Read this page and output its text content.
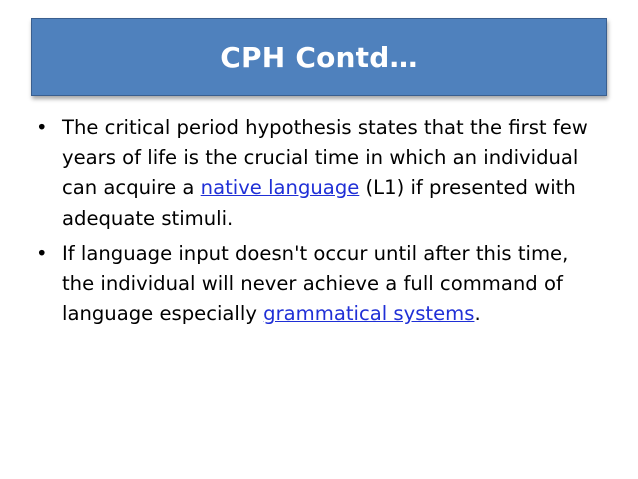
CPH Contd…
• The critical period hypothesis states that the first few years of life is the crucial time in which an individual can acquire a native language (L1) if presented with adequate stimuli.
• If language input doesn't occur until after this time, the individual will never achieve a full command of language especially grammatical systems.
